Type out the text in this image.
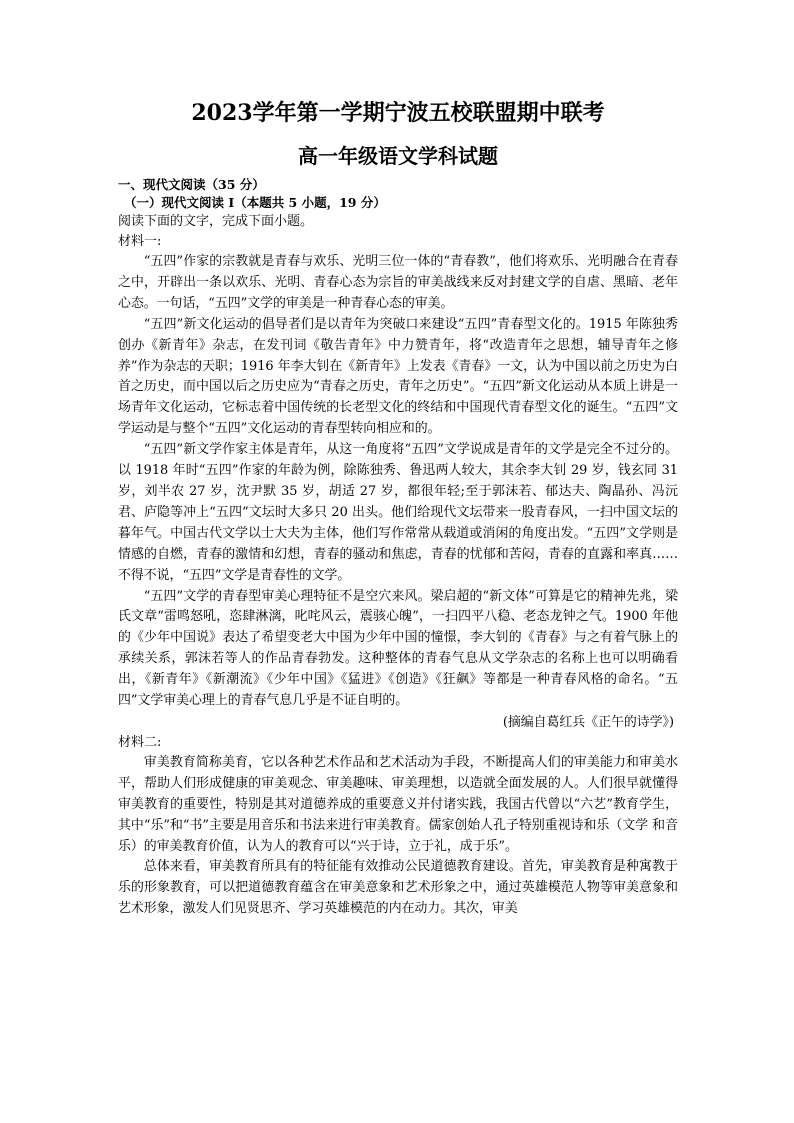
2023学年第一学期宁波五校联盟期中联考
高一年级语文学科试题

一、现代文阅读（35 分）

（一）现代文阅读 I（本题共 5 小题，19 分）

阅读下面的文字，完成下面小题。

材料一:

“五四”作家的宗教就是青春与欢乐、光明三位一体的“青春教”，他们将欢乐、光明融合在青春之中，开辟出一条以欢乐、光明、青春心态为宗旨的审美战线来反对封建文学的自虐、黑暗、老年心态。一句话，“五四”文学的审美是一种青春心态的审美。

“五四”新文化运动的倡导者们是以青年为突破口来建设“五四”青春型文化的。1915 年陈独秀创办《新青年》杂志，在发刊词《敬告青年》中力赞青年，将“改造青年之思想，辅导青年之修养”作为杂志的天职；1916 年李大钊在《新青年》上发表《青春》一文，认为中国以前之历史为白首之历史，而中国以后之历史应为“青春之历史，青年之历史”。“五四”新文化运动从本质上讲是一场青年文化运动，它标志着中国传统的长老型文化的终结和中国现代青春型文化的诞生。“五四”文学运动是与整个“五四”文化运动的青春型转向相应和的。

“五四”新文学作家主体是青年，从这一角度将“五四”文学说成是青年的文学是完全不过分的。以 1918 年时“五四”作家的年龄为例，除陈独秀、鲁迅两人较大，其余李大钊 29 岁，钱玄同 31 岁，刘半农 27 岁，沈尹默 35 岁，胡适 27 岁，都很年轻;至于郭沫若、郁达夫、陶晶孙、冯沅君、庐隐等冲上“五四”文坛时大多只 20 出头。他们给现代文坛带来一股青春风，一扫中国文坛的暮年气。中国古代文学以士大夫为主体，他们写作常常从载道或消闲的角度出发。“五四”文学则是情感的自燃，青春的激情和幻想，青春的骚动和焦虑，青春的忧郁和苦闷，青春的直露和率真……不得不说，“五四”文学是青春性的文学。

“五四”文学的青春型审美心理特征不是空穴来风。梁启超的“新文体”可算是它的精神先兆，梁氏文章“雷鸣怒吼，恣肆淋漓，叱咤风云，震骇心魄”，一扫四平八稳、老态龙钟之气。1900 年他的《少年中国说》表达了希望变老大中国为少年中国的憧憬，李大钊的《青春》与之有着气脉上的承续关系，郭沫若等人的作品青春勃发。这种整体的青春气息从文学杂志的名称上也可以明确看出，《新青年》《新潮流》《少年中国》《猛进》《创造》《狂飙》等都是一种青春风格的命名。“五四”文学审美心理上的青春气息几乎是不证自明的。

(摘编自葛红兵《正午的诗学》)

材料二:

审美教育简称美育，它以各种艺术作品和艺术活动为手段，不断提高人们的审美能力和审美水平，帮助人们形成健康的审美观念、审美趣味、审美理想，以造就全面发展的人。人们很早就懂得审美教育的重要性，特别是其对道德养成的重要意义并付诸实践，我国古代曾以“六艺”教育学生，其中“乐”和“书”主要是用音乐和书法来进行审美教育。儒家创始人孔子特别重视诗和乐（文学 和音乐）的审美教育价值，认为人的教育可以“兴于诗，立于礼，成于乐”。

总体来看，审美教育所具有的特征能有效推动公民道德教育建设。首先，审美教育是种寓教于 乐的形象教育，可以把道德教育蕴含在审美意象和艺术形象之中，通过英雄模范人物等审美意象和 艺术形象，激发人们见贤思齐、学习英雄模范的内在动力。其次，审美
